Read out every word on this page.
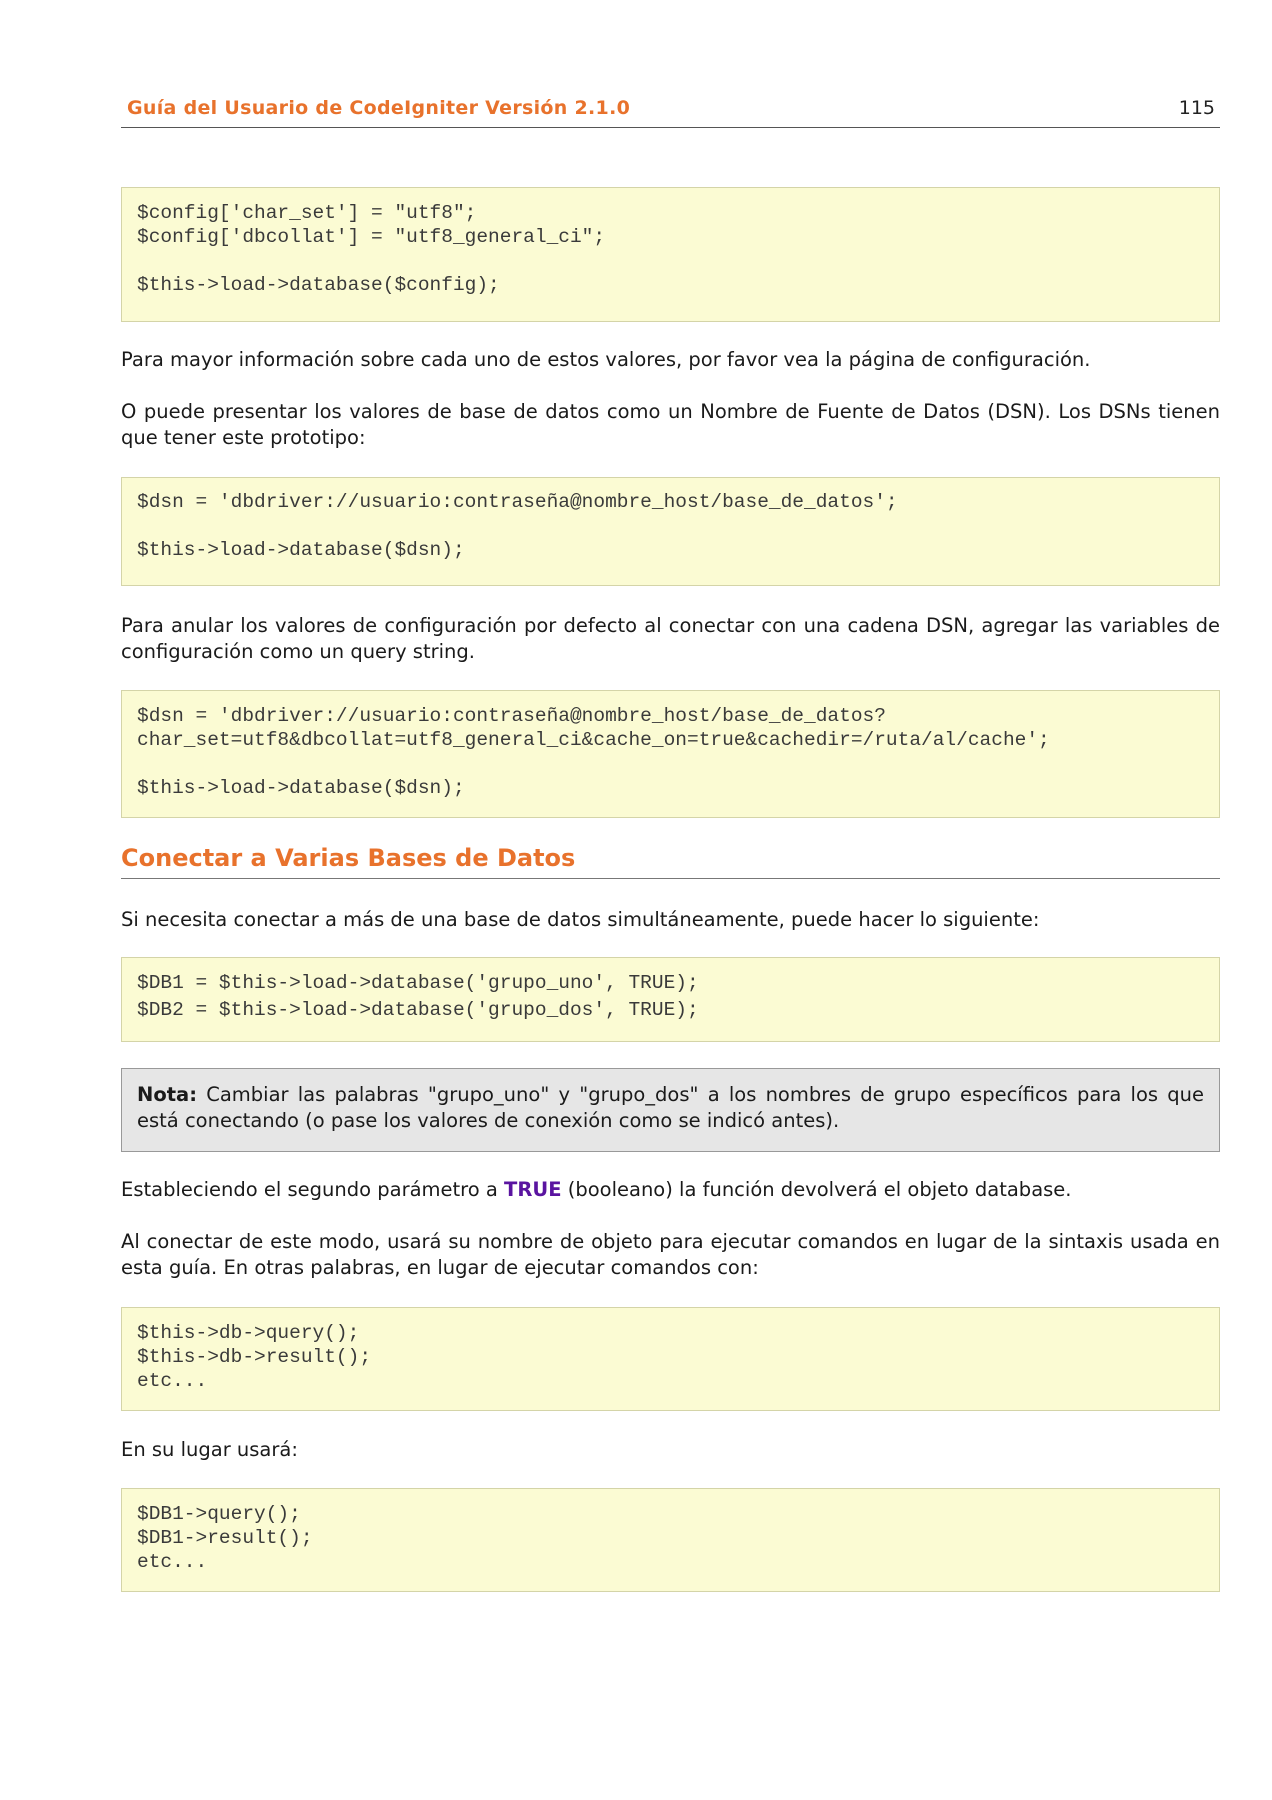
Guía del Usuario de CodeIgniter Versión 2.1.0	115
$config['char_set'] = "utf8";
$config['dbcollat'] = "utf8_general_ci";
$this->load->database($config);
Para mayor información sobre cada uno de estos valores, por favor vea la página de configuración.
O puede presentar los valores de base de datos como un Nombre de Fuente de Datos (DSN). Los DSNs tienen que tener este prototipo:
$dsn = 'dbdriver://usuario:contraseña@nombre_host/base_de_datos';
$this->load->database($dsn);
Para anular los valores de configuración por defecto al conectar con una cadena DSN, agregar las variables de configuración como un query string.
$dsn = 'dbdriver://usuario:contraseña@nombre_host/base_de_datos?
char_set=utf8&dbcollat=utf8_general_ci&cache_on=true&cachedir=/ruta/al/cache';
$this->load->database($dsn);
Conectar a Varias Bases de Datos
Si necesita conectar a más de una base de datos simultáneamente, puede hacer lo siguiente:
$DB1 = $this->load->database('grupo_uno', TRUE);
$DB2 = $this->load->database('grupo_dos', TRUE);
Nota: Cambiar las palabras "grupo_uno" y "grupo_dos" a los nombres de grupo específicos para los que está conectando (o pase los valores de conexión como se indicó antes).
Estableciendo el segundo parámetro a TRUE (booleano) la función devolverá el objeto database.
Al conectar de este modo, usará su nombre de objeto para ejecutar comandos en lugar de la sintaxis usada en esta guía. En otras palabras, en lugar de ejecutar comandos con:
$this->db->query();
$this->db->result();
etc...
En su lugar usará:
$DB1->query();
$DB1->result();
etc...
